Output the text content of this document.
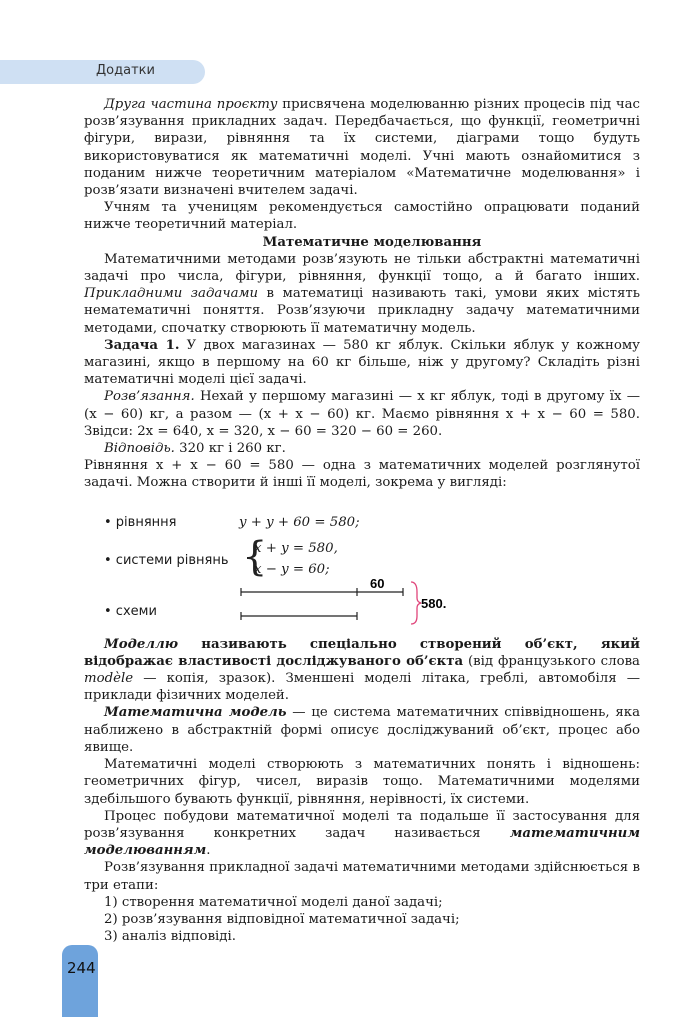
Додатки

Друга частина проєкту присвячена моделюванню різних процесів під час розв’язування прикладних задач. Передбачається, що функції, геометричні фігури, вирази, рівняння та їх системи, діаграми тощо будуть використовуватися як математичні моделі. Учні мають ознайомитися з поданим нижче теоретичним матеріалом «Математичне моделювання» і розв’язати визначені вчителем задачі.

Учням та ученицям рекомендується самостійно опрацювати поданий нижче теоретичний матеріал.

Математичне моделювання

Математичними методами розв’язують не тільки абстрактні математичні задачі про числа, фігури, рівняння, функції тощо, а й багато інших. Прикладними задачами в математиці називають такі, умови яких містять нематематичні поняття. Розв’язуючи прикладну задачу математичними методами, спочатку створюють її математичну модель.

Задача 1. У двох магазинах — 580 кг яблук. Скільки яблук у кожному магазині, якщо в першому на 60 кг більше, ніж у другому? Складіть різні математичні моделі цієї задачі.

Розв’язання. Нехай у першому магазині — x кг яблук, тоді в другому їх — (x − 60) кг, а разом — (x + x − 60) кг. Маємо рівняння x + x − 60 = 580. Звідси: 2x = 640, x = 320, x − 60 = 320 − 60 = 260.

Відповідь. 320 кг і 260 кг.

Рівняння x + x − 60 = 580 — одна з математичних моделей розглянутої задачі. Можна створити й інші її моделі, зокрема у вигляді:

• рівняння	y + y + 60 = 580;
• системи рівнянь {
x + y = 580,
x − y = 60;
• схеми
60
580.

Моделлю називають спеціально створений об’єкт, який відображає властивості досліджуваного об’єкта (від французького слова modèle — копія, зразок). Зменшені моделі літака, греблі, автомобіля — приклади фізичних моделей.

Математична модель — це система математичних співвідношень, яка наближено в абстрактній формі описує досліджуваний об’єкт, процес або явище.

Математичні моделі створюють з математичних понять і відношень: геометричних фігур, чисел, виразів тощо. Математичними моделями здебільшого бувають функції, рівняння, нерівності, їх системи.

Процес побудови математичної моделі та подальше її застосування для розв’язування конкретних задач називається математичним моделюванням.

Розв’язування прикладної задачі математичними методами здійснюється в три етапи:

1) створення математичної моделі даної задачі;

2) розв’язування відповідної математичної задачі;

3) аналіз відповіді.

244
